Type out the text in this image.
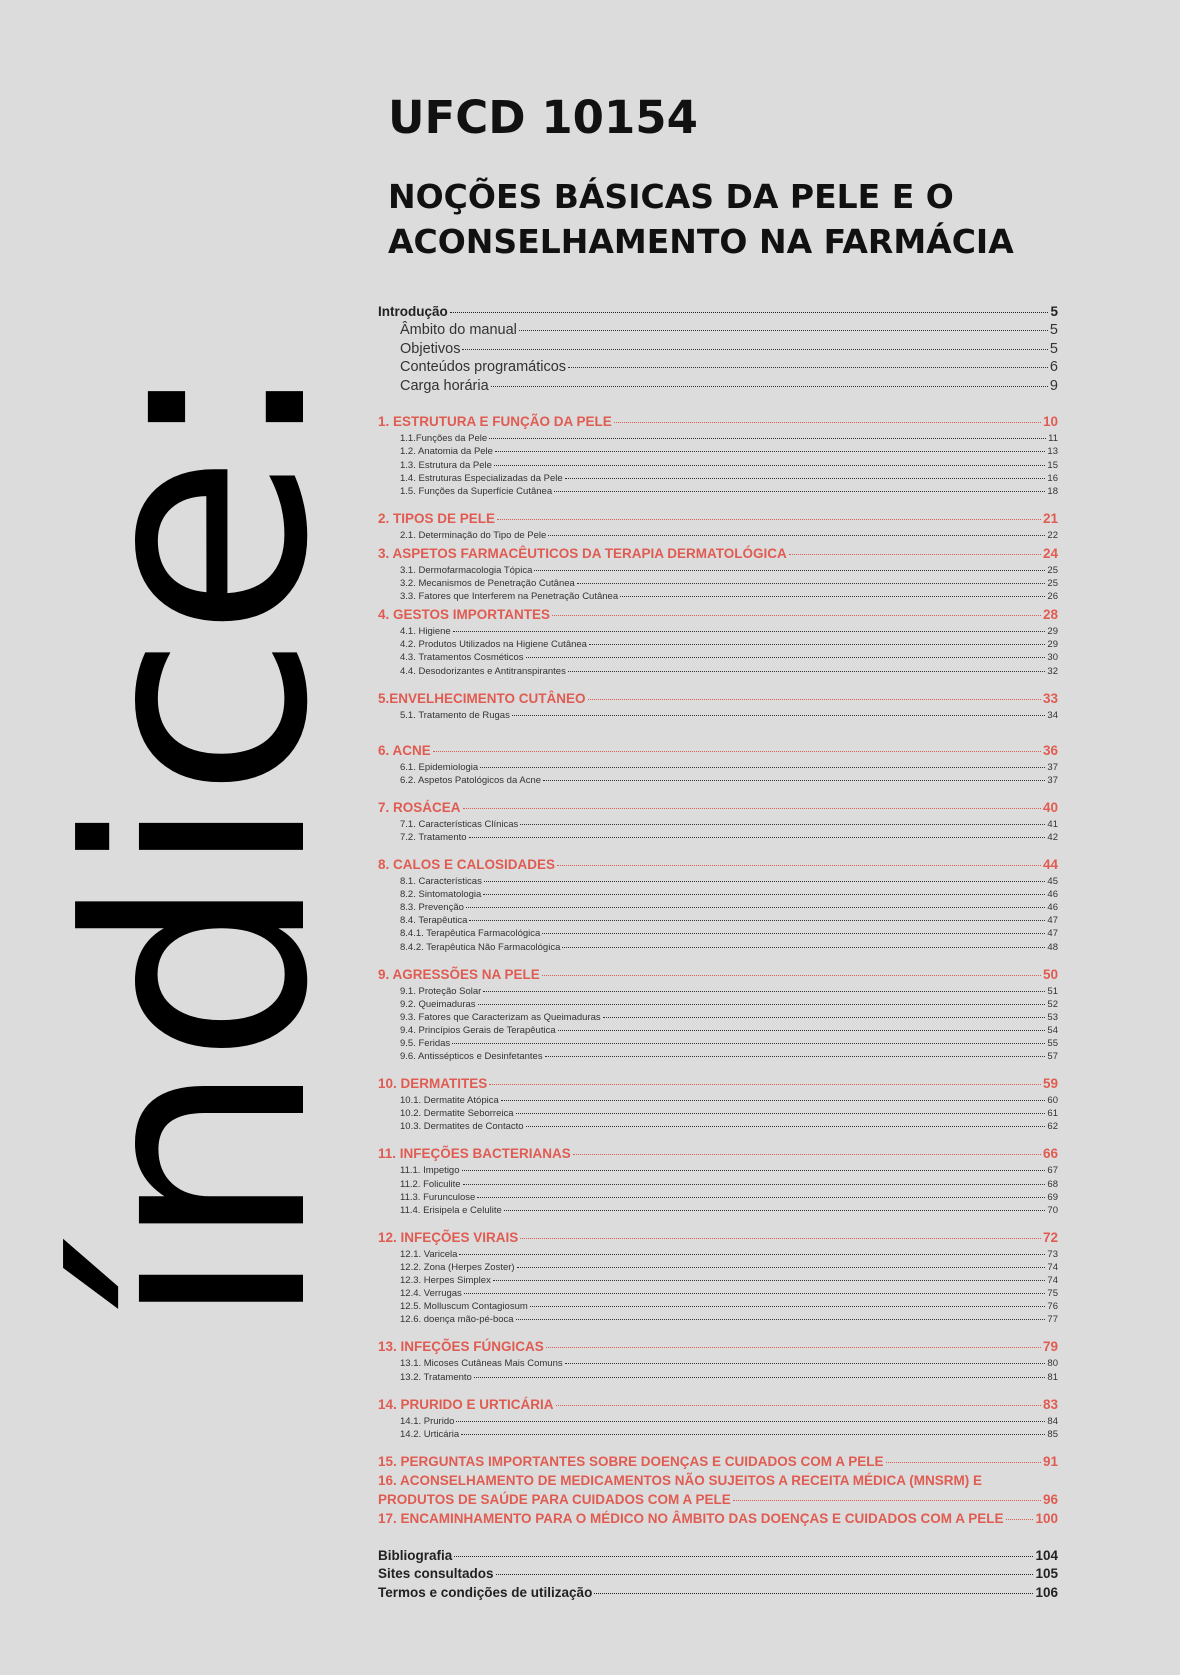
índice:
UFCD 10154
NOÇÕES BÁSICAS DA PELE E O
ACONSELHAMENTO NA FARMÁCIA
Introdução	5
Âmbito do manual	5
Objetivos	5
Conteúdos programáticos	6
Carga horária	9
1. ESTRUTURA E FUNÇÃO DA PELE	10
1.1.Funções da Pele	11
1.2. Anatomia da Pele	13
1.3. Estrutura da Pele	15
1.4. Estruturas Especializadas da Pele	16
1.5. Funções da Superfície Cutânea	18
2. TIPOS DE PELE	21
2.1. Determinação do Tipo de Pele	22
3. ASPETOS FARMACÊUTICOS DA TERAPIA DERMATOLÓGICA	24
3.1. Dermofarmacologia Tópica	25
3.2. Mecanismos de Penetração Cutânea	25
3.3. Fatores que Interferem na Penetração Cutânea	26
4. GESTOS IMPORTANTES	28
4.1. Higiene	29
4.2. Produtos Utilizados na Higiene Cutânea	29
4.3. Tratamentos Cosméticos	30
4.4. Desodorizantes e Antitranspirantes	32
5.ENVELHECIMENTO CUTÂNEO	33
5.1. Tratamento de Rugas	34
6. ACNE	36
6.1. Epidemiologia	37
6.2. Aspetos Patológicos da Acne	37
7. ROSÁCEA	40
7.1. Características Clínicas	41
7.2. Tratamento	42
8. CALOS E CALOSIDADES	44
8.1. Características	45
8.2. Sintomatologia	46
8.3. Prevenção	46
8.4. Terapêutica	47
8.4.1. Terapêutica Farmacológica	47
8.4.2. Terapêutica Não Farmacológica	48
9. AGRESSÕES NA PELE	50
9.1. Proteção Solar	51
9.2. Queimaduras	52
9.3. Fatores que Caracterizam as Queimaduras	53
9.4. Princípios Gerais de Terapêutica	54
9.5. Feridas	55
9.6. Antissépticos e Desinfetantes	57
10. DERMATITES	59
10.1. Dermatite Atópica	60
10.2. Dermatite Seborreica	61
10.3. Dermatites de Contacto	62
11. INFEÇÕES BACTERIANAS	66
11.1. Impetigo	67
11.2. Foliculite	68
11.3. Furunculose	69
11.4. Erisipela e Celulite	70
12. INFEÇÕES VIRAIS	72
12.1. Varicela	73
12.2. Zona (Herpes Zoster)	74
12.3. Herpes Simplex	74
12.4. Verrugas	75
12.5. Molluscum Contagiosum	76
12.6. doença mão-pé-boca	77
13. INFEÇÕES FÚNGICAS	79
13.1. Micoses Cutâneas Mais Comuns	80
13.2. Tratamento	81
14. PRURIDO E URTICÁRIA	83
14.1. Prurido	84
14.2. Urticária	85
15. PERGUNTAS IMPORTANTES SOBRE DOENÇAS E CUIDADOS COM A PELE	91
16. ACONSELHAMENTO DE MEDICAMENTOS NÃO SUJEITOS A RECEITA MÉDICA (MNSRM) E
PRODUTOS DE SAÚDE PARA CUIDADOS COM A PELE	96
17. ENCAMINHAMENTO PARA O MÉDICO NO ÂMBITO DAS DOENÇAS E CUIDADOS COM A PELE 100
Bibliografia	104
Sites consultados	105
Termos e condições de utilização	106
